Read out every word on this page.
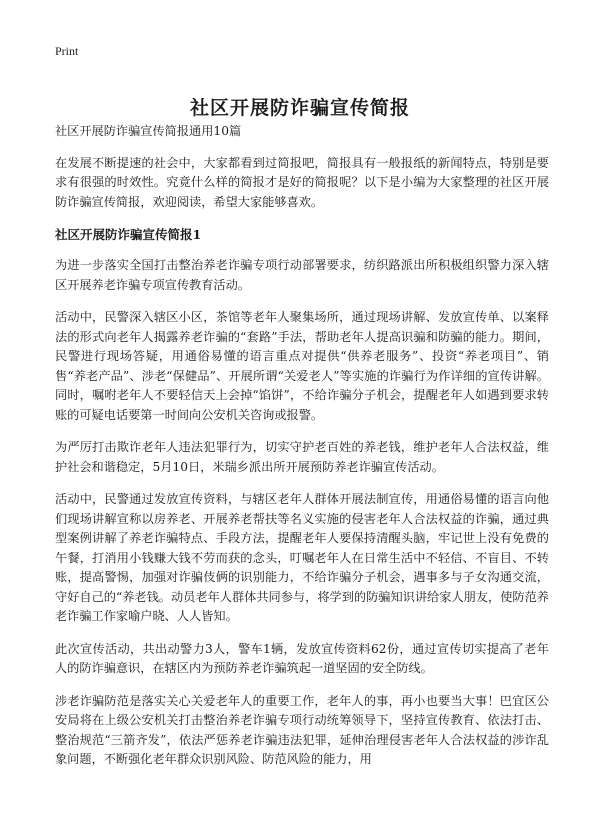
Print
社区开展防诈骗宣传简报

社区开展防诈骗宣传简报通用10篇

在发展不断提速的社会中，大家都看到过简报吧，简报具有一般报纸的新闻特点，特别是要求有很强的时效性。究竟什么样的简报才是好的简报呢？以下是小编为大家整理的社区开展防诈骗宣传简报，欢迎阅读，希望大家能够喜欢。

社区开展防诈骗宣传简报1

为进一步落实全国打击整治养老诈骗专项行动部署要求，纺织路派出所积极组织警力深入辖区开展养老诈骗专项宣传教育活动。

活动中，民警深入辖区小区，茶馆等老年人聚集场所，通过现场讲解、发放宣传单、以案释法的形式向老年人揭露养老诈骗的“套路”手法，帮助老年人提高识骗和防骗的能力。期间，民警进行现场答疑，用通俗易懂的语言重点对提供“供养老服务”、投资“养老项目”、销售“养老产品”、涉老“保健品”、开展所谓“关爱老人”等实施的诈骗行为作详细的宣传讲解。同时，嘱咐老年人不要轻信天上会掉“馅饼”，不给诈骗分子机会，提醒老年人如遇到要求转账的可疑电话要第一时间向公安机关咨询或报警。

为严厉打击欺诈老年人违法犯罪行为，切实守护老百姓的养老钱，维护老年人合法权益，维护社会和谐稳定，5月10日，米瑞乡派出所开展预防养老诈骗宣传活动。

活动中，民警通过发放宣传资料，与辖区老年人群体开展法制宣传，用通俗易懂的语言向他们现场讲解宣称以房养老、开展养老帮扶等名义实施的侵害老年人合法权益的诈骗，通过典型案例讲解了养老诈骗特点、手段方法，提醒老年人要保持清醒头脑，牢记世上没有免费的午餐，打消用小钱赚大钱不劳而获的念头，叮嘱老年人在日常生活中不轻信、不盲目、不转账，提高警惕，加强对诈骗伎俩的识别能力，不给诈骗分子机会，遇事多与子女沟通交流，守好自己的“养老钱。动员老年人群体共同参与，将学到的防骗知识讲给家人朋友，使防范养老诈骗工作家喻户晓、人人皆知。

此次宣传活动，共出动警力3人，警车1辆，发放宣传资料62份，通过宣传切实提高了老年人的防诈骗意识，在辖区内为预防养老诈骗筑起一道坚固的安全防线。

涉老诈骗防范是落实关心关爱老年人的重要工作，老年人的事，再小也要当大事！巴宜区公安局将在上级公安机关打击整治养老诈骗专项行动统筹领导下，坚持宣传教育、依法打击、整治规范“三箭齐发”，依法严惩养老诈骗违法犯罪，延伸治理侵害老年人合法权益的涉诈乱象问题，不断强化老年群众识别风险、防范风险的能力，用
